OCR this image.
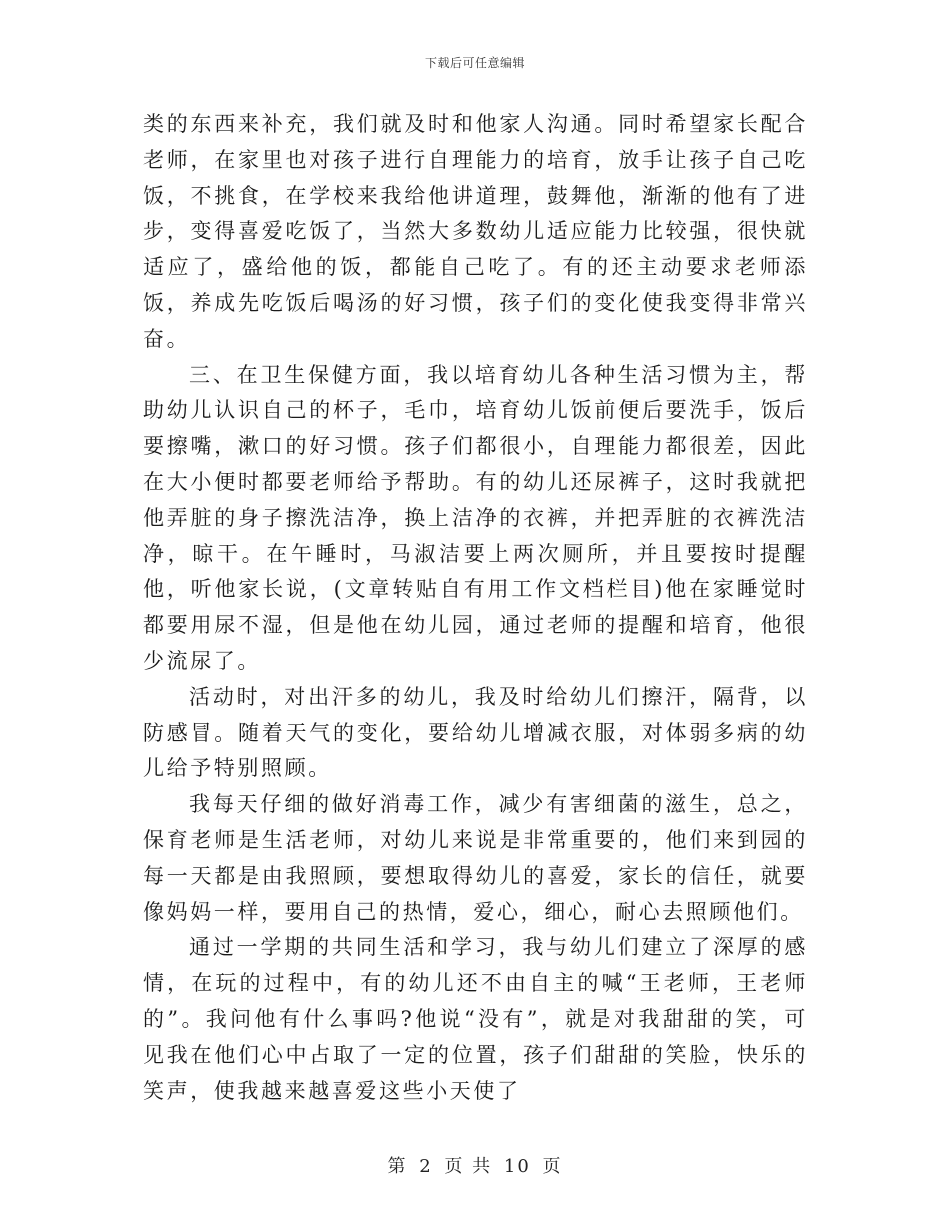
下载后可任意编辑

类的东西来补充，我们就及时和他家人沟通。同时希望家长配合老师，在家里也对孩子进行自理能力的培育，放手让孩子自己吃饭，不挑食，在学校来我给他讲道理，鼓舞他，渐渐的他有了进步，变得喜爱吃饭了，当然大多数幼儿适应能力比较强，很快就适应了，盛给他的饭，都能自己吃了。有的还主动要求老师添饭，养成先吃饭后喝汤的好习惯，孩子们的变化使我变得非常兴奋。

三、在卫生保健方面，我以培育幼儿各种生活习惯为主，帮助幼儿认识自己的杯子，毛巾，培育幼儿饭前便后要洗手，饭后要擦嘴，漱口的好习惯。孩子们都很小，自理能力都很差，因此在大小便时都要老师给予帮助。有的幼儿还尿裤子，这时我就把他弄脏的身子擦洗洁净，换上洁净的衣裤，并把弄脏的衣裤洗洁净，晾干。在午睡时，马淑洁要上两次厕所，并且要按时提醒他，听他家长说，(文章转贴自有用工作文档栏目)他在家睡觉时都要用尿不湿，但是他在幼儿园，通过老师的提醒和培育，他很少流尿了。

活动时，对出汗多的幼儿，我及时给幼儿们擦汗，隔背，以防感冒。随着天气的变化，要给幼儿增减衣服，对体弱多病的幼儿给予特别照顾。

我每天仔细的做好消毒工作，减少有害细菌的滋生，总之，保育老师是生活老师，对幼儿来说是非常重要的，他们来到园的每一天都是由我照顾，要想取得幼儿的喜爱，家长的信任，就要像妈妈一样，要用自己的热情，爱心，细心，耐心去照顾他们。

通过一学期的共同生活和学习，我与幼儿们建立了深厚的感情，在玩的过程中，有的幼儿还不由自主的喊“王老师，王老师的”。我问他有什么事吗?他说“没有”，就是对我甜甜的笑，可见我在他们心中占取了一定的位置，孩子们甜甜的笑脸，快乐的笑声，使我越来越喜爱这些小天使了

第 2 页 共 10 页
